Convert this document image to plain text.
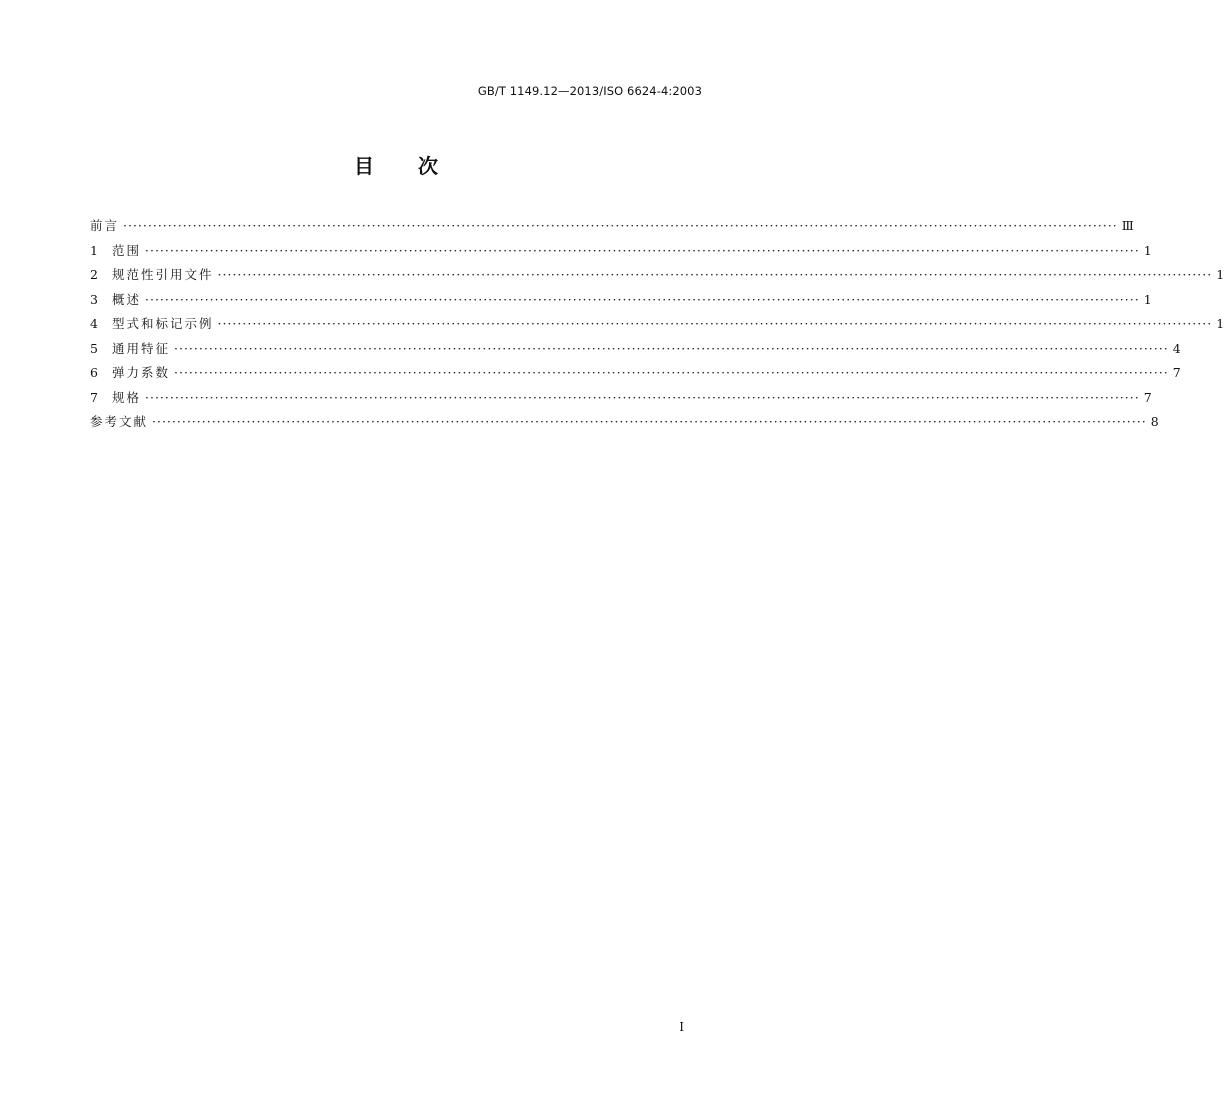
GB/T 1149.12—2013/ISO 6624-4:2003
目 次
前言 ········································································································································································································ Ⅲ
1	范围 ········································································································································································································ 1
2	规范性引用文件 ········································································································································································································ 1
3	概述 ········································································································································································································ 1
4	型式和标记示例 ········································································································································································································ 1
5	通用特征 ········································································································································································································ 4
6	弹力系数 ········································································································································································································ 7
7	规格 ········································································································································································································ 7
参考文献 ········································································································································································································ 8
I
